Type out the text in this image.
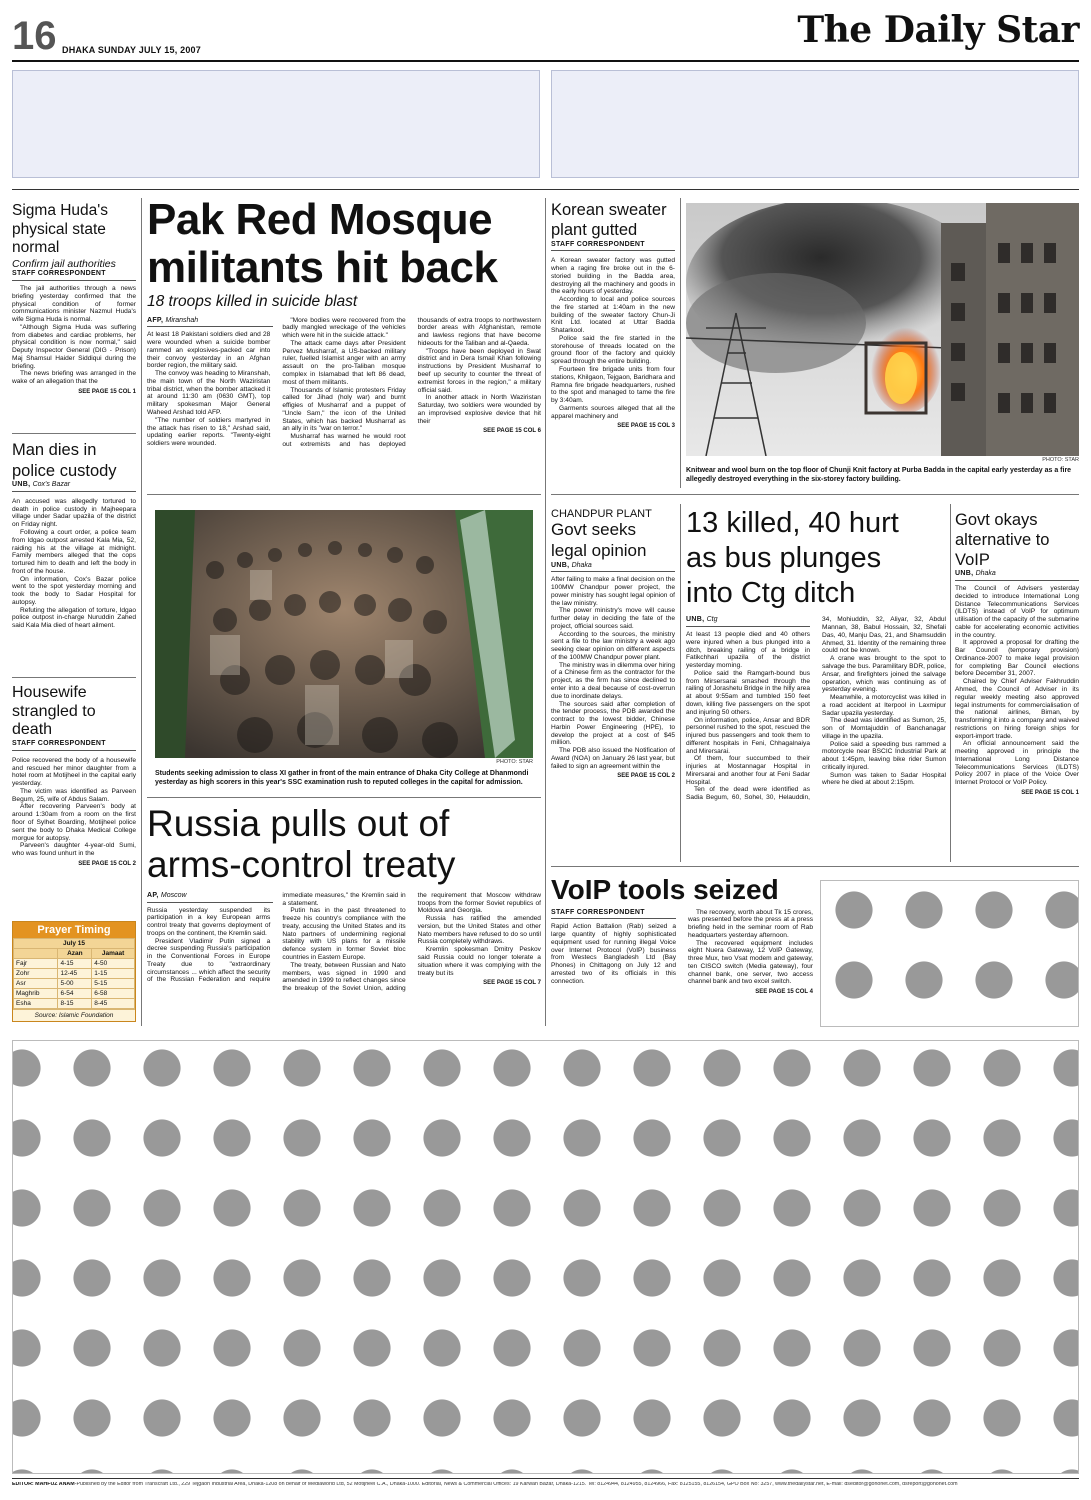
16 DHAKA SUNDAY JULY 15, 2007	The Daily Star
Sigma Huda's physical state normal
Confirm jail authorities
STAFF CORRESPONDENT

The jail authorities through a news briefing yesterday confirmed that the physical condition of former communications minister Nazmul Huda's wife Sigma Huda is normal.

"Although Sigma Huda was suffering from diabetes and cardiac problems, her physical condition is now normal," said Deputy Inspector General (DIG - Prison) Maj Shamsul Haider Siddiqui during the briefing.

The news briefing was arranged in the wake of an allegation that the

SEE PAGE 15 COL 1
Man dies in police custody
UNB, Cox's Bazar

An accused was allegedly tortured to death in police custody in Majheepara village under Sadar upazila of the district on Friday night.

Following a court order, a police team from Idgao outpost arrested Kala Mia, 52, raiding his at the village at midnight. Family members alleged that the cops tortured him to death and left the body in front of the house.

On information, Cox's Bazar police went to the spot yesterday morning and took the body to Sadar Hospital for autopsy.

Refuting the allegation of torture, Idgao police outpost in-charge Nuruddin Zahed said Kala Mia died of heart ailment.

Housewife strangled to death
STAFF CORRESPONDENT

Police recovered the body of a housewife and rescued her minor daughter from a hotel room at Motijheel in the capital early yesterday.

The victim was identified as Parveen Begum, 25, wife of Abdus Salam.

After recovering Parveen's body at around 1:30am from a room on the first floor of Sylhet Boarding, Motijheel police sent the body to Dhaka Medical College morgue for autopsy.

Parveen's daughter 4-year-old Sumi, who was found unhurt in the

SEE PAGE 15 COL 2
Prayer Timing
July 15		
	Azan	Jamaat
Fajr	4-15	4-50
Zohr	12-45	1-15
Asr	5-00	5-15
Maghrib	6-54	6-58
Esha	8-15	8-45
Source: Islamic Foundation
Pak Red Mosque militants hit back
18 troops killed in suicide blast
AFP, Miranshah

At least 18 Pakistani soldiers died and 28 were wounded when a suicide bomber rammed an explosives-packed car into their convoy yesterday in an Afghan border region, the military said.

The convoy was heading to Miranshah, the main town of the North Waziristan tribal district, when the bomber attacked it at around 11:30 am (0630 GMT), top military spokesman Major General Waheed Arshad told AFP.

"The number of soldiers martyred in the attack has risen to 18," Arshad said, updating earlier reports. "Twenty-eight soldiers were wounded.

"More bodies were recovered from the badly mangled wreckage of the vehicles which were hit in the suicide attack."

The attack came days after President Pervez Musharraf, a US-backed military ruler, fuelled Islamist anger with an army assault on the pro-Taliban mosque complex in Islamabad that left 86 dead, most of them militants.

Thousands of Islamic protesters Friday called for Jihad (holy war) and burnt effigies of Musharraf and a puppet of "Uncle Sam," the icon of the United States, which has backed Musharraf as an ally in its "war on terror."

Musharraf has warned he would root out extremists and has deployed thousands of extra troops to northwestern border areas with Afghanistan, remote and lawless regions that have become hideouts for the Taliban and al-Qaeda.

"Troops have been deployed in Swat district and in Dera Ismail Khan following instructions by President Musharraf to beef up security to counter the threat of extremist forces in the region," a military official said.

In another attack in North Waziristan Saturday, two soldiers were wounded by an improvised explosive device that hit their

SEE PAGE 15 COL 6
PHOTO: STAR
Students seeking admission to class XI gather in front of the main entrance of Dhaka City College at Dhanmondi yesterday as high scorers in this year's SSC examination rush to reputed colleges in the capital for admission.
Russia pulls out of arms-control treaty
AP, Moscow

Russia yesterday suspended its participation in a key European arms control treaty that governs deployment of troops on the continent, the Kremlin said.

President Vladimir Putin signed a decree suspending Russia's participation in the Conventional Forces in Europe Treaty due to "extraordinary circumstances ... which affect the security of the Russian Federation and require immediate measures," the Kremlin said in a statement.

Putin has in the past threatened to freeze his country's compliance with the treaty, accusing the United States and its Nato partners of undermining regional stability with US plans for a missile defence system in former Soviet bloc countries in Eastern Europe.

The treaty, between Russian and Nato members, was signed in 1990 and amended in 1999 to reflect changes since the breakup of the Soviet Union, adding the requirement that Moscow withdraw troops from the former Soviet republics of Moldova and Georgia.

Russia has ratified the amended version, but the United States and other Nato members have refused to do so until Russia completely withdraws.

Kremlin spokesman Dmitry Peskov said Russia could no longer tolerate a situation where it was complying with the treaty but its

SEE PAGE 15 COL 7
Korean sweater plant gutted
STAFF CORRESPONDENT

A Korean sweater factory was gutted when a raging fire broke out in the 6-storied building in the Badda area, destroying all the machinery and goods in the early hours of yesterday.

According to local and police sources the fire started at 1:40am in the new building of the sweater factory Chun-Ji Knit Ltd. located at Uttar Badda Shatarkool.

Police said the fire started in the storehouse of threads located on the ground floor of the factory and quickly spread through the entire building.

Fourteen fire brigade units from four stations, Khilgaon, Tejgaon, Baridhara and Ramna fire brigade headquarters, rushed to the spot and managed to tame the fire by 3:40am.

Garments sources alleged that all the apparel machinery and

SEE PAGE 15 COL 3
PHOTO: STAR
Knitwear and wool burn on the top floor of Chunji Knit factory at Purba Badda in the capital early yesterday as a fire allegedly destroyed everything in the six-storey factory building.
CHANDPUR PLANT
Govt seeks legal opinion
UNB, Dhaka

After failing to make a final decision on the 100MW Chandpur power project, the power ministry has sought legal opinion of the law ministry.

The power ministry's move will cause further delay in deciding the fate of the project, official sources said.

According to the sources, the ministry sent a file to the law ministry a week ago seeking clear opinion on different aspects of the 100MW Chandpur power plant.

The ministry was in dilemma over hiring of a Chinese firm as the contractor for the project, as the firm has since declined to enter into a deal because of cost-overrun due to inordinate delays.

The sources said after completion of the tender process, the PDB awarded the contract to the lowest bidder, Chinese Harbin Power Engineering (HPE), to develop the project at a cost of $45 million.

The PDB also issued the Notification of Award (NOA) on January 26 last year, but failed to sign an agreement within the

SEE PAGE 15 COL 2
13 killed, 40 hurt as bus plunges into Ctg ditch
UNB, Ctg

At least 13 people died and 40 others were injured when a bus plunged into a ditch, breaking railing of a bridge in Fatikchhari upazila of the district yesterday morning.

Police said the Ramgarh-bound bus from Mirsersarai smashed through the railing of Jorashetu Bridge in the hilly area at about 9:55am and tumbled 150 feet down, killing five passengers on the spot and injuring 50 others.

On information, police, Ansar and BDR personnel rushed to the spot, rescued the injured bus passengers and took them to different hospitals in Feni, Chhagalnaiya and Mirersarai.

Of them, four succumbed to their injuries at Mostannagar Hospital in Mirersarai and another four at Feni Sadar Hospital.

Ten of the dead were identified as Sadia Begum, 60, Sohel, 30, Helauddin, 34, Mohiuddin, 32, Aliyar, 32, Abdul Mannan, 38, Babul Hossain, 32, Shefali Das, 40, Manju Das, 21, and Shamsuddin Ahmed, 31. Identity of the remaining three could not be known.

A crane was brought to the spot to salvage the bus. Paramilitary BDR, police, Ansar, and firefighters joined the salvage operation, which was continuing as of yesterday evening.

Meanwhile, a motorcyclist was killed in a road accident at Iterpool in Laxmipur Sadar upazila yesterday.

The dead was identified as Sumon, 25, son of Momtajuddin of Banchanagar village in the upazila.

Police said a speeding bus rammed a motorcycle near BSCIC Industrial Park at about 1:45pm, leaving bike rider Sumon critically injured.

Sumon was taken to Sadar Hospital where he died at about 2:15pm.

Govt okays alternative to VoIP
UNB, Dhaka

The Council of Advisers yesterday decided to introduce International Long Distance Telecommunications Services (ILDTS) instead of VoIP for optimum utilisation of the capacity of the submarine cable for accelerating economic activities in the country.

It approved a proposal for drafting the Bar Council (temporary provision) Ordinance-2007 to make legal provision for completing Bar Council elections before December 31, 2007.

Chaired by Chief Adviser Fakhruddin Ahmed, the Council of Adviser in its regular weekly meeting also approved legal instruments for commercialisation of the national airlines, Biman, by transforming it into a company and waived restrictions on hiring foreign ships for export-import trade.

An official announcement said the meeting approved in principle the International Long Distance Telecommunications Services (ILDTS) Policy 2007 in place of the Voice Over Internet Protocol or VoIP Policy.

SEE PAGE 15 COL 1
VoIP tools seized
STAFF CORRESPONDENT

Rapid Action Battalion (Rab) seized a large quantity of highly sophisticated equipment used for running illegal Voice over Internet Protocol (VoIP) business from Westecs Bangladesh Ltd (Bay Phones) in Chittagong on July 12 and arrested two of its officials in this connection.

The recovery, worth about Tk 15 crores, was presented before the press at a press briefing held in the seminar room of Rab headquarters yesterday afternoon.

The recovered equipment includes eight Nuera Gateway, 12 VoIP Gateway, three Mux, two Vsat modem and gateway, ten CISCO switch (Media gateway), four channel bank, one server, two access channel bank and two excel switch.

SEE PAGE 15 COL 4
EDITOR: MAHFUZ ANAM-Published by the Editor from Transcraft Ltd., 229 Tejgaon Industrial Area, Dhaka-1208 on behalf of Mediaworld Ltd, 52 Motijheel C.A., Dhaka-1000. Editorial, News & Commercial Offices: 19 Karwan Bazar, Dhaka-1215. Tel: 8124944, 8124955, 8124966, Fax: 8125155, 8126154, GPO Box No: 3257, www.thedailystar.net, E-mail: dseditor@gononet.com, dsreport@gononet.com
